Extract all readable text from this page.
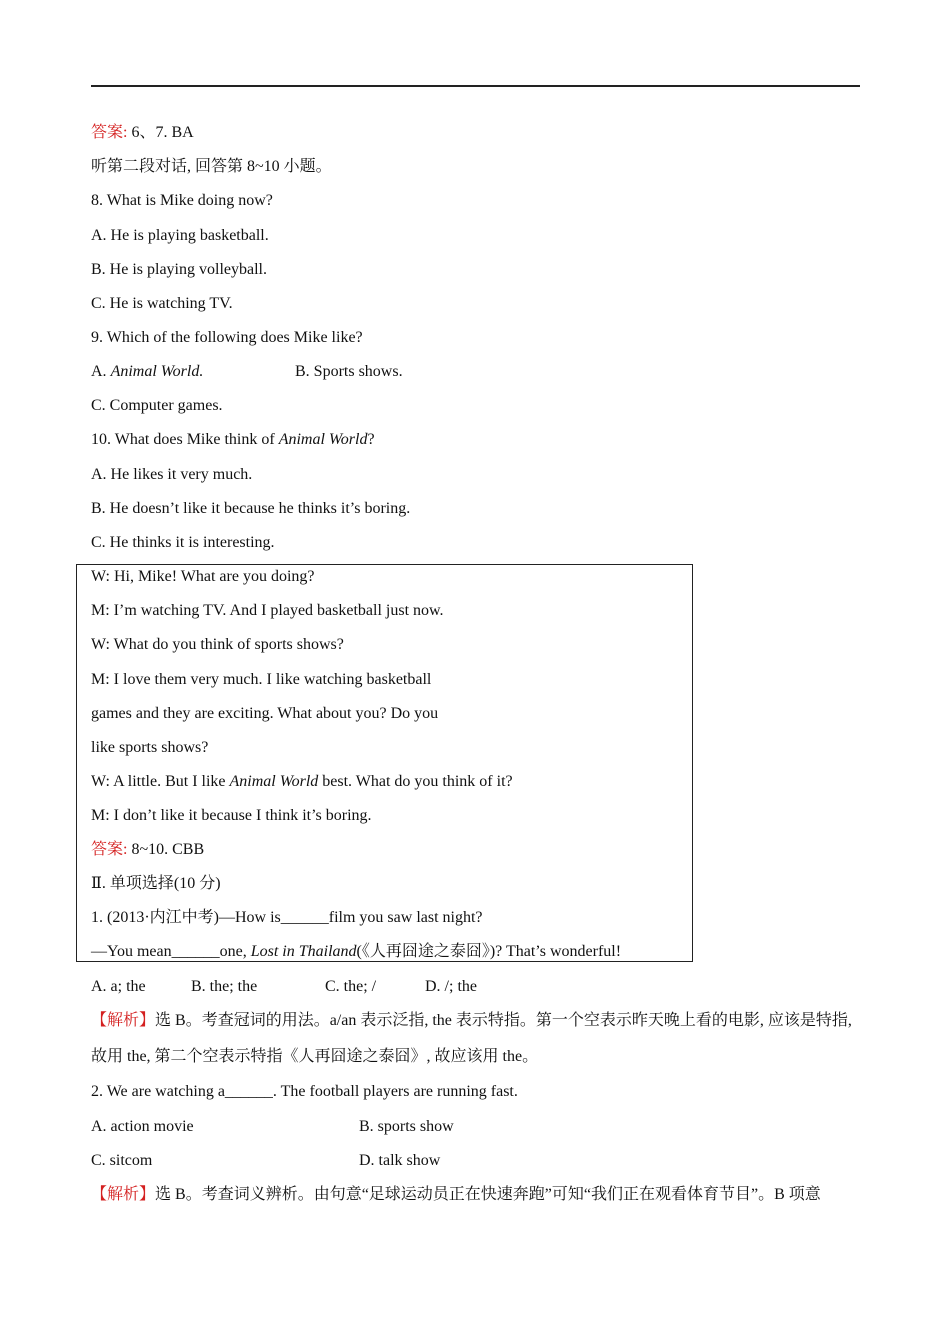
答案: 6、7. BA
听第二段对话, 回答第 8~10 小题。
8. What is Mike doing now?
A. He is playing basketball.
B. He is playing volleyball.
C. He is watching TV.
9. Which of the following does Mike like?
A. Animal World.	B. Sports shows.
C. Computer games.
10. What does Mike think of Animal World?
A. He likes it very much.
B. He doesn’t like it because he thinks it’s boring.
C. He thinks it is interesting.
W: Hi, Mike! What are you doing?
M: I’m watching TV. And I played basketball just now.
W: What do you think of sports shows?
M: I love them very much. I like watching basketball
games and they are exciting. What about you? Do you
like sports shows?
W: A little. But I like Animal World best. What do you think of it?
M: I don’t like it because I think it’s boring.
答案: 8~10. CBB
Ⅱ. 单项选择(10 分)
1. (2013·内江中考)—How is______film you saw last night?
—You mean______one, Lost in Thailand(《人再囧途之泰囧》)? That’s wonderful!
A. a; the	B. the; the	C. the; /	D. /; the
【解析】选 B。考查冠词的用法。a/an 表示泛指, the 表示特指。第一个空表示昨天晚上看的电影, 应该是特指,
故用 the, 第二个空表示特指《人再囧途之泰囧》, 故应该用 the。
2. We are watching a______. The football players are running fast.
A. action movie	B. sports show
C. sitcom	D. talk show
【解析】选 B。考查词义辨析。由句意“足球运动员正在快速奔跑”可知“我们正在观看体育节目”。B 项意
